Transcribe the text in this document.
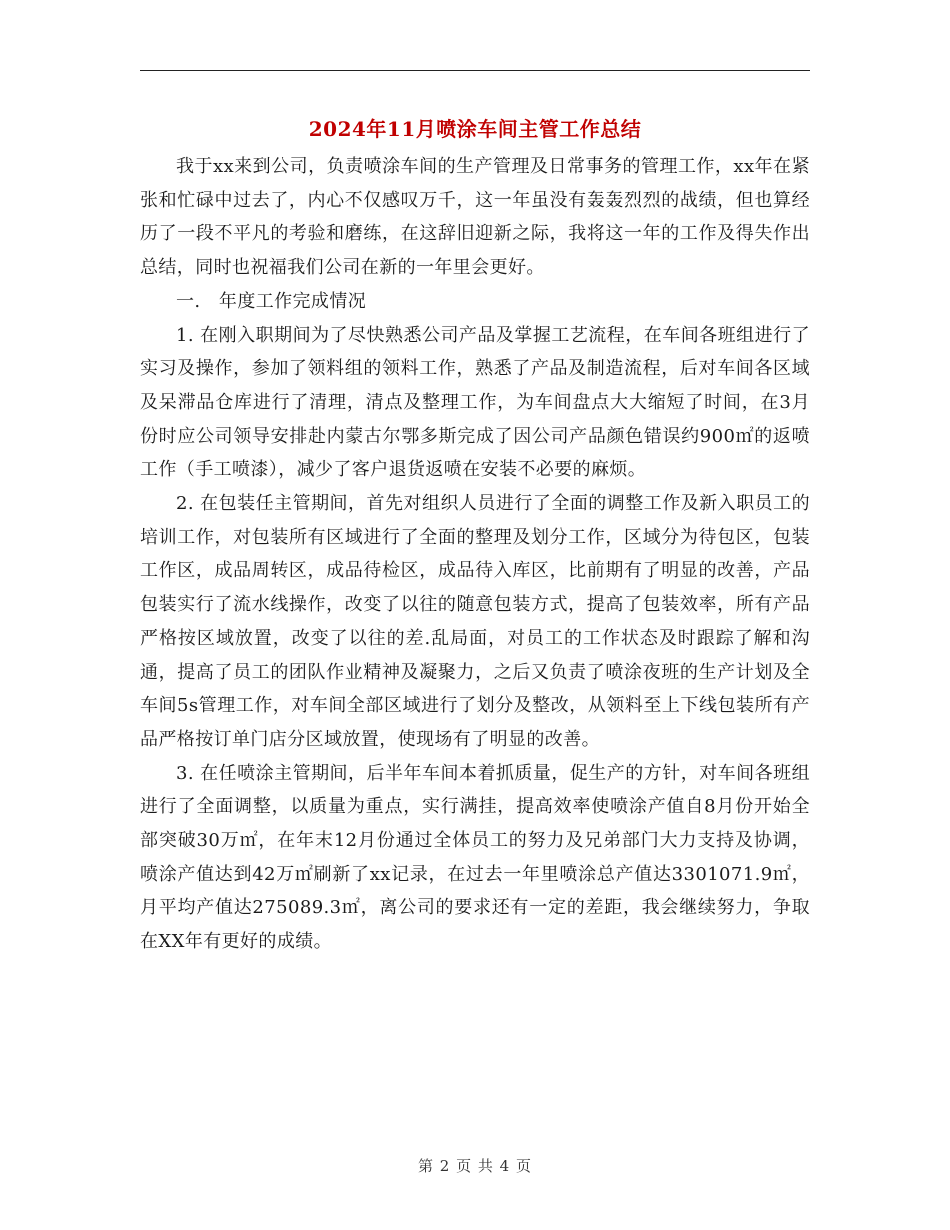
2024年11月喷涂车间主管工作总结

我于xx来到公司，负责喷涂车间的生产管理及日常事务的管理工作，xx年在紧张和忙碌中过去了，内心不仅感叹万千，这一年虽没有轰轰烈烈的战绩，但也算经历了一段不平凡的考验和磨练，在这辞旧迎新之际，我将这一年的工作及得失作出总结，同时也祝福我们公司在新的一年里会更好。

一.　年度工作完成情况

1. 在刚入职期间为了尽快熟悉公司产品及掌握工艺流程，在车间各班组进行了实习及操作，参加了领料组的领料工作，熟悉了产品及制造流程，后对车间各区域及呆滞品仓库进行了清理，清点及整理工作，为车间盘点大大缩短了时间，在3月份时应公司领导安排赴内蒙古尔鄂多斯完成了因公司产品颜色错误约900㎡的返喷工作（手工喷漆），减少了客户退货返喷在安装不必要的麻烦。

2. 在包装任主管期间，首先对组织人员进行了全面的调整工作及新入职员工的培训工作，对包装所有区域进行了全面的整理及划分工作，区域分为待包区，包装工作区，成品周转区，成品待检区，成品待入库区，比前期有了明显的改善，产品包装实行了流水线操作，改变了以往的随意包装方式，提高了包装效率，所有产品严格按区域放置，改变了以往的差.乱局面，对员工的工作状态及时跟踪了解和沟通，提高了员工的团队作业精神及凝聚力，之后又负责了喷涂夜班的生产计划及全车间5s管理工作，对车间全部区域进行了划分及整改，从领料至上下线包装所有产品严格按订单门店分区域放置，使现场有了明显的改善。

3. 在任喷涂主管期间，后半年车间本着抓质量，促生产的方针，对车间各班组进行了全面调整，以质量为重点，实行满挂，提高效率使喷涂产值自8月份开始全部突破30万㎡，在年末12月份通过全体员工的努力及兄弟部门大力支持及协调，喷涂产值达到42万㎡刷新了xx记录，在过去一年里喷涂总产值达3301071.9㎡，月平均产值达275089.3㎡，离公司的要求还有一定的差距，我会继续努力，争取在XX年有更好的成绩。

第 2 页 共 4 页
